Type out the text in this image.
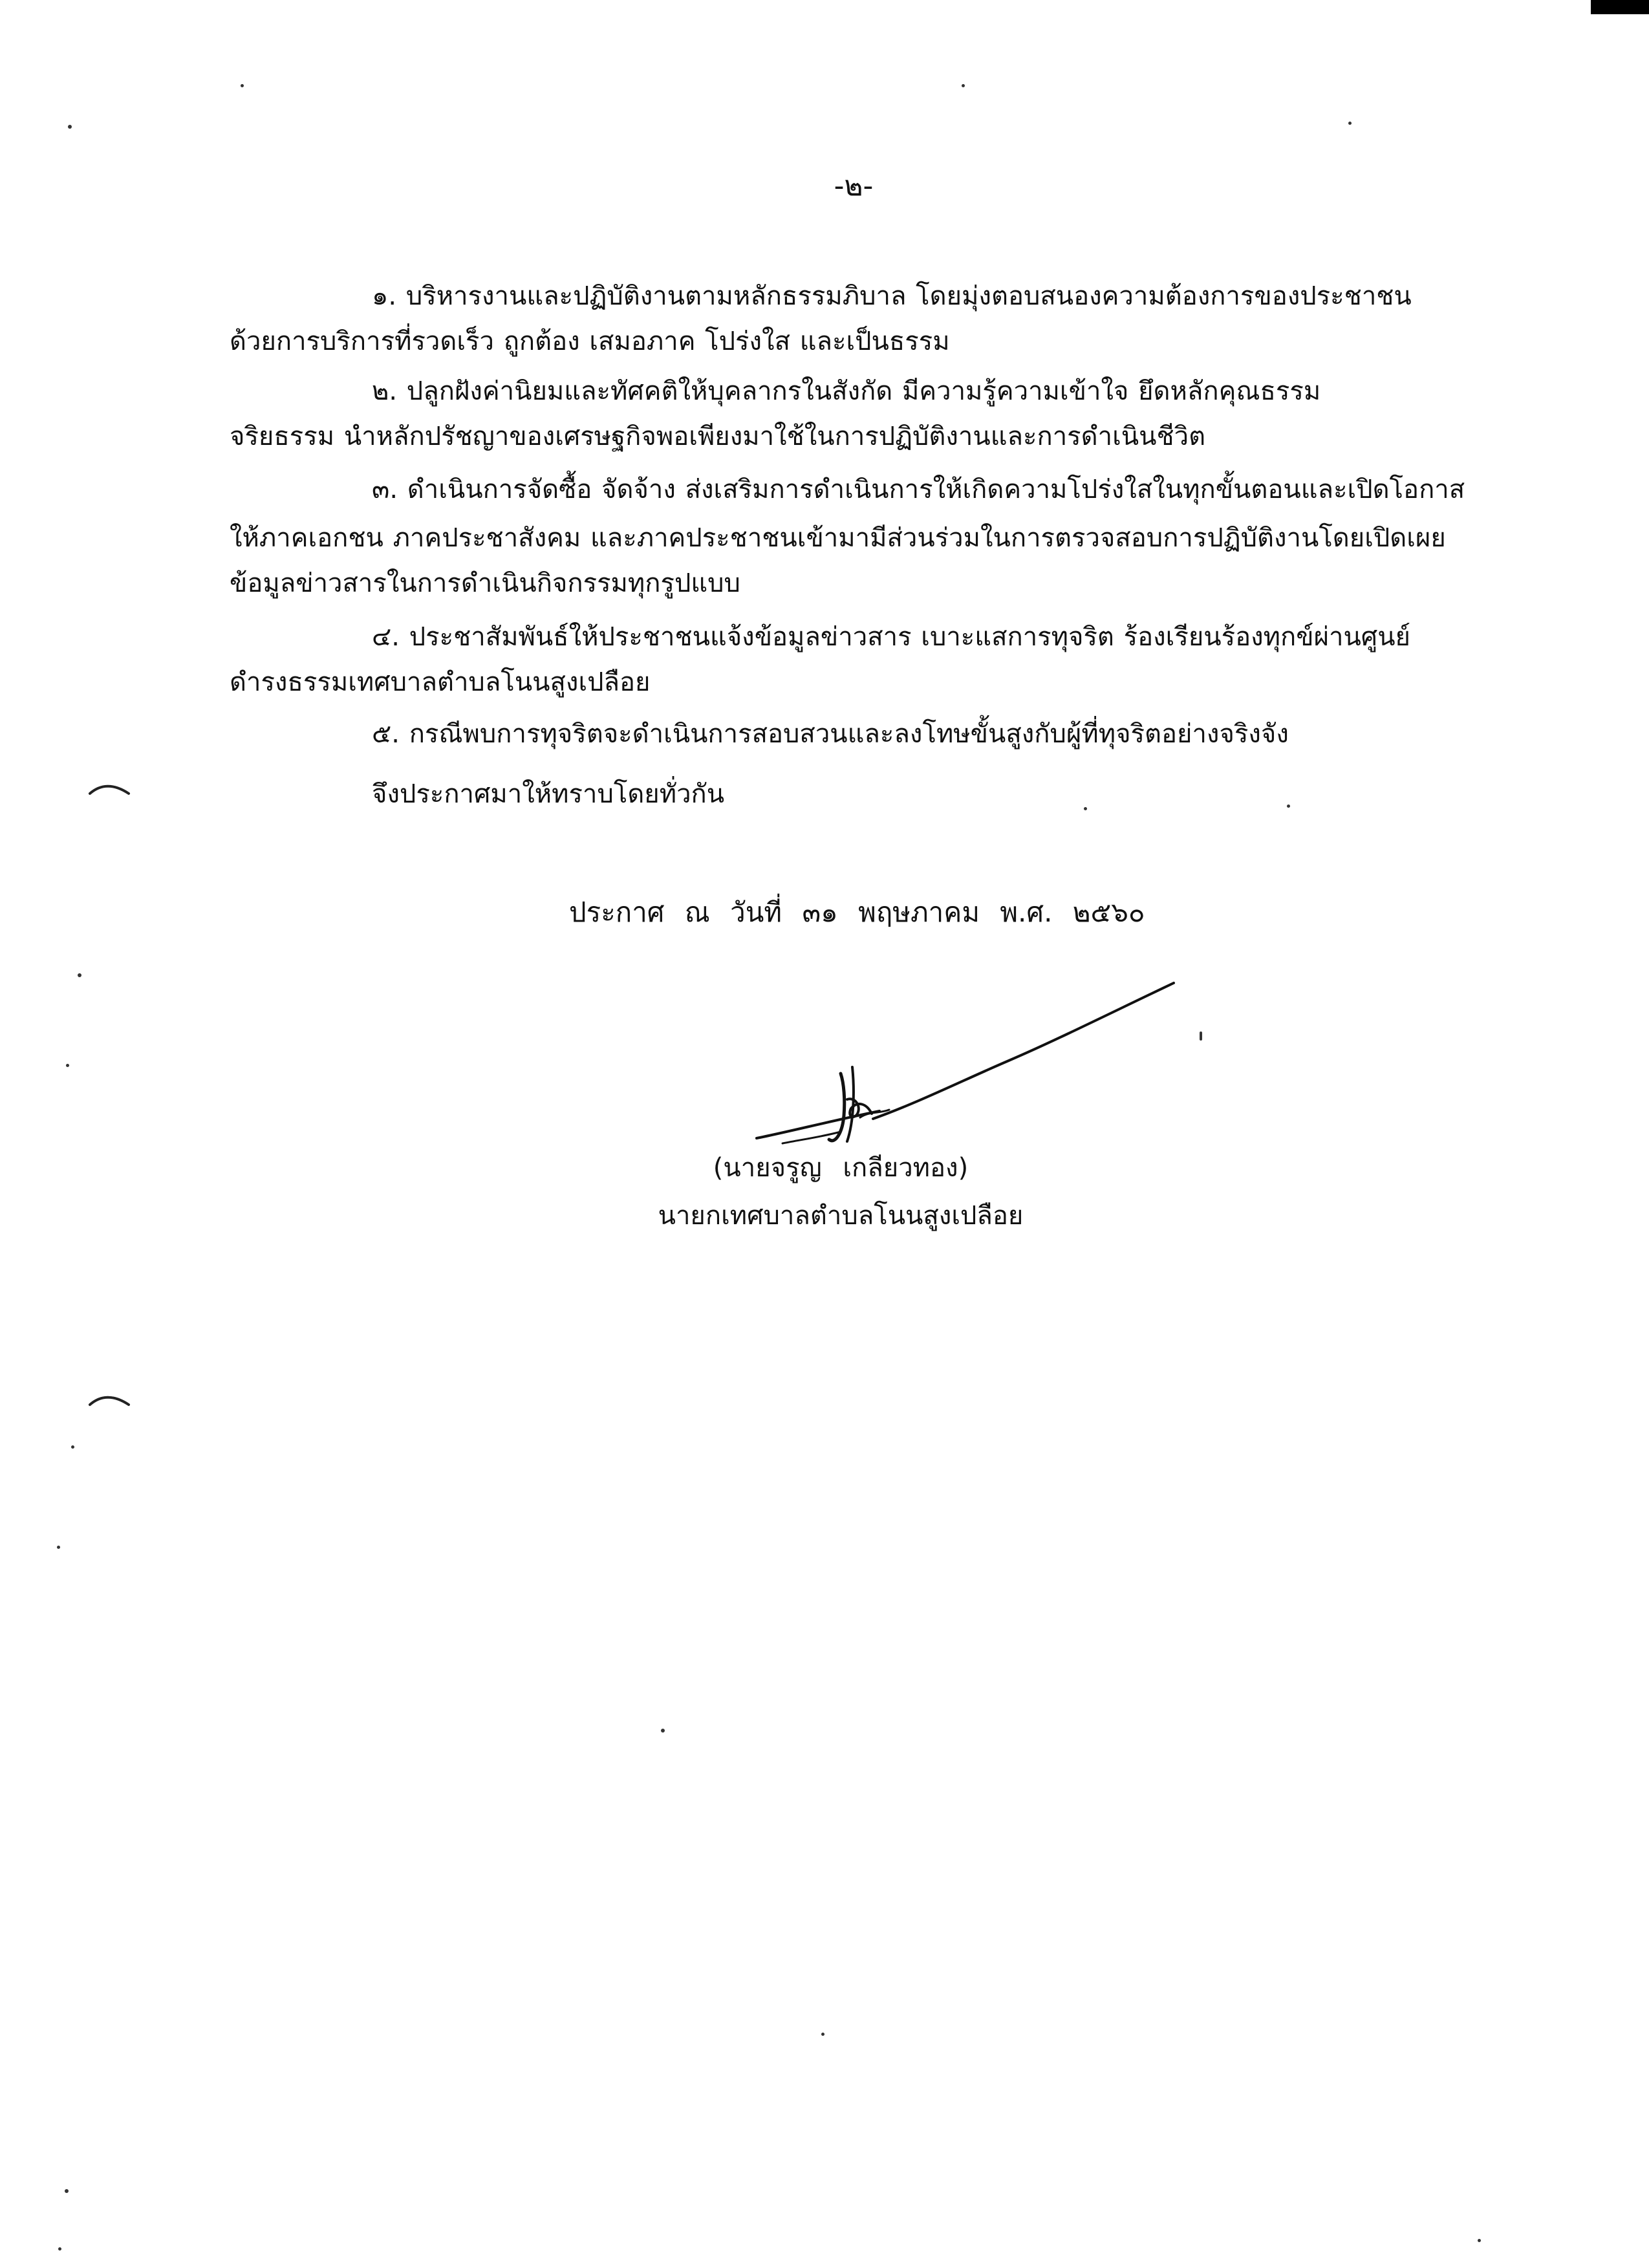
-๒-
๑. บริหารงานและปฏิบัติงานตามหลักธรรมภิบาล โดยมุ่งตอบสนองความต้องการของประชาชน
ด้วยการบริการที่รวดเร็ว ถูกต้อง เสมอภาค โปร่งใส และเป็นธรรม
๒. ปลูกฝังค่านิยมและทัศคติให้บุคลากรในสังกัด มีความรู้ความเข้าใจ ยึดหลักคุณธรรม
จริยธรรม นำหลักปรัชญาของเศรษฐกิจพอเพียงมาใช้ในการปฏิบัติงานและการดำเนินชีวิต
๓. ดำเนินการจัดซื้อ จัดจ้าง ส่งเสริมการดำเนินการให้เกิดความโปร่งใสในทุกขั้นตอนและเปิดโอกาส
ให้ภาคเอกชน ภาคประชาสังคม และภาคประชาชนเข้ามามีส่วนร่วมในการตรวจสอบการปฏิบัติงานโดยเปิดเผย
ข้อมูลข่าวสารในการดำเนินกิจกรรมทุกรูปแบบ
๔. ประชาสัมพันธ์ให้ประชาชนแจ้งข้อมูลข่าวสาร เบาะแสการทุจริต ร้องเรียนร้องทุกข์ผ่านศูนย์
ดำรงธรรมเทศบาลตำบลโนนสูงเปลือย
๕. กรณีพบการทุจริตจะดำเนินการสอบสวนและลงโทษขั้นสูงกับผู้ที่ทุจริตอย่างจริงจัง
จึงประกาศมาให้ทราบโดยทั่วกัน
ประกาศ ณ วันที่ ๓๑ พฤษภาคม พ.ศ. ๒๕๖๐
(นายจรูญ เกลียวทอง)
นายกเทศบาลตำบลโนนสูงเปลือย
